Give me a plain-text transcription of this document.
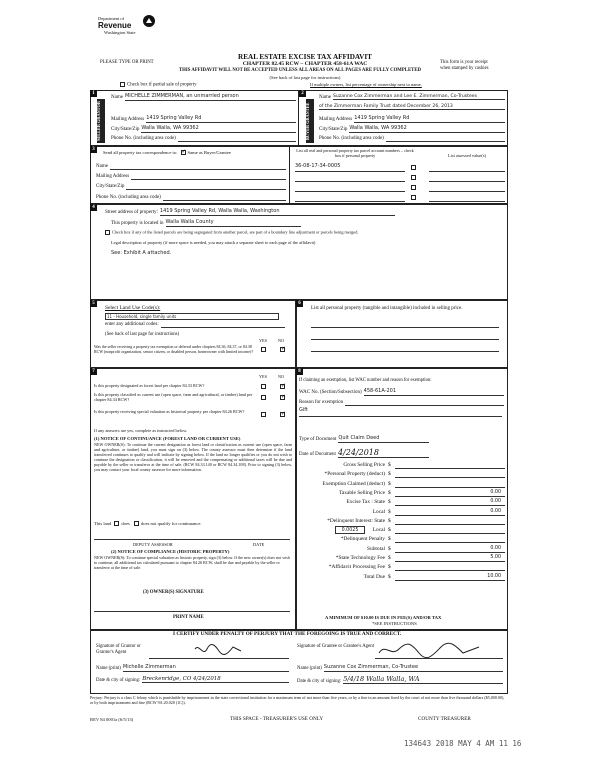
Department of
Revenue
Washington State
PLEASE TYPE OR PRINT
REAL ESTATE EXCISE TAX AFFIDAVIT
CHAPTER 82.45 RCW – CHAPTER 458-61A WAC
THIS AFFIDAVIT WILL NOT BE ACCEPTED UNLESS ALL AREAS ON ALL PAGES ARE FULLY COMPLETED
(See back of last page for instructions)
This form is your receipt
when stamped by cashier.
Check box if partial sale of property	If multiple owners, list percentage of ownership next to name.
1
SELLER GRANTOR
2
BUYER GRANTEE
Name MICHELLE ZIMMERMAN, an unmarried person
Mailing Address 1419 Spring Valley Rd
City/State/Zip Walla Walla, WA 99362
Phone No. (including area code)
Name Suzanne Cox Zimmerman and Lee E. Zimmerman, Co-Trustees
of the Zimmerman Family Trust dated December 26, 2013
Mailing Address 1419 Spring Valley Rd
City/State/Zip Walla Walla, WA 99362
Phone No. (including area code)
3
Send all property tax correspondence to: ✓ Same as Buyer/Grantee
Name
Mailing Address
City/State/Zip
Phone No. (including area code)
List all real and personal property tax parcel account numbers – check box if personal property	List assessed value(s)
36-08-17-34-0005
4
Street address of property: 1419 Spring Valley Rd, Walla Walla, Washington
This property is located in Walla Walla County
Check box if any of the listed parcels are being segregated from another parcel, are part of a boundary line adjustment or parcels being merged.
Legal description of property (if more space is needed, you may attach a separate sheet to each page of the affidavit)
See: Exhibit A attached.
5
Select Land Use Code(s):
11 - Household, single family units
enter any additional codes:
(See back of last page for instructions)
YES	NO
Was the seller receiving a property tax exemption or deferral under chapters 84.36, 84.37, or 84.38 RCW (nonprofit organization, senior citizen, or disabled person, homeowner with limited income)?
✓
6
List all personal property (tangible and intangible) included in selling price.
7
YES	NO
Is this property designated as forest land per chapter 84.33 RCW?
✓
Is this property classified as current use (open space, farm and agricultural, or timber) land per chapter 84.34 RCW?
✓
Is this property receiving special valuation as historical property per chapter 84.26 RCW?
✓
If any answers are yes, complete as instructed below.
(1) NOTICE OF CONTINUANCE (FOREST LAND OR CURRENT USE)
NEW OWNER(S): To continue the current designation as forest land or classification as current use (open space, farm and agriculture, or timber) land, you must sign on (3) below. The county assessor must then determine if the land transferred continues to qualify and will indicate by signing below. If the land no longer qualifies or you do not wish to continue the designation or classification, it will be removed and the compensating or additional taxes will be due and payable by the seller or transferor at the time of sale. (RCW 84.33.140 or RCW 84.34.108). Prior to signing (3) below, you may contact your local county assessor for more information.
This land does does not qualify for continuance.
DEPUTY ASSESSOR	DATE
(2) NOTICE OF COMPLIANCE (HISTORIC PROPERTY)
NEW OWNER(S): To continue special valuation as historic property, sign (3) below. If the new owner(s) does not wish to continue, all additional tax calculated pursuant to chapter 84.26 RCW, shall be due and payable by the seller or transferor at the time of sale.
(3) OWNER(S) SIGNATURE
PRINT NAME
8
If claiming an exemption, list WAC number and reason for exemption:
WAC No. (Section/Subsection) 458-61A-201
Reason for exemption
Gift
Type of Document Quit Claim Deed
Date of Document 4/24/2018
Gross Selling Price $
*Personal Property (deduct) $
Exemption Claimed (deduct) $
Taxable Selling Price $	0.00
Excise Tax : State $	0.00
Local $	0.00
*Delinquent Interest: State $
Local $
*Delinquent Penalty $
Subtotal $	0.00
*State Technology Fee $	5.00
*Affidavit Processing Fee $
Total Due $	10.00
0.0025
A MINIMUM OF $10.00 IS DUE IN FEE(S) AND/OR TAX
*SEE INSTRUCTIONS
I CERTIFY UNDER PENALTY OF PERJURY THAT THE FOREGOING IS TRUE AND CORRECT.
Signature of Grantor or Grantor's Agent
Name (print) Michelle Zimmerman
Date & city of signing: Breckenridge, CO 4/24/2018
Signature of Grantee or Grantee's Agent
Name (print) Suzanne Cox Zimmerman, Co-Trustee
Date & city of signing: 5/4/18 Walla Walla, WA
Perjury: Perjury is a class C felony which is punishable by imprisonment in the state correctional institution for a maximum term of not more than five years, or by a fine in an amount fixed by the court of not more than five thousand dollars ($5,000.00), or by both imprisonment and fine (RCW 9A.20.020 (1C)).
REV 84 0001a (6/5/13)	THIS SPACE - TREASURER'S USE ONLY	COUNTY TREASURER
134643 2018 MAY 4 AM 11 16
